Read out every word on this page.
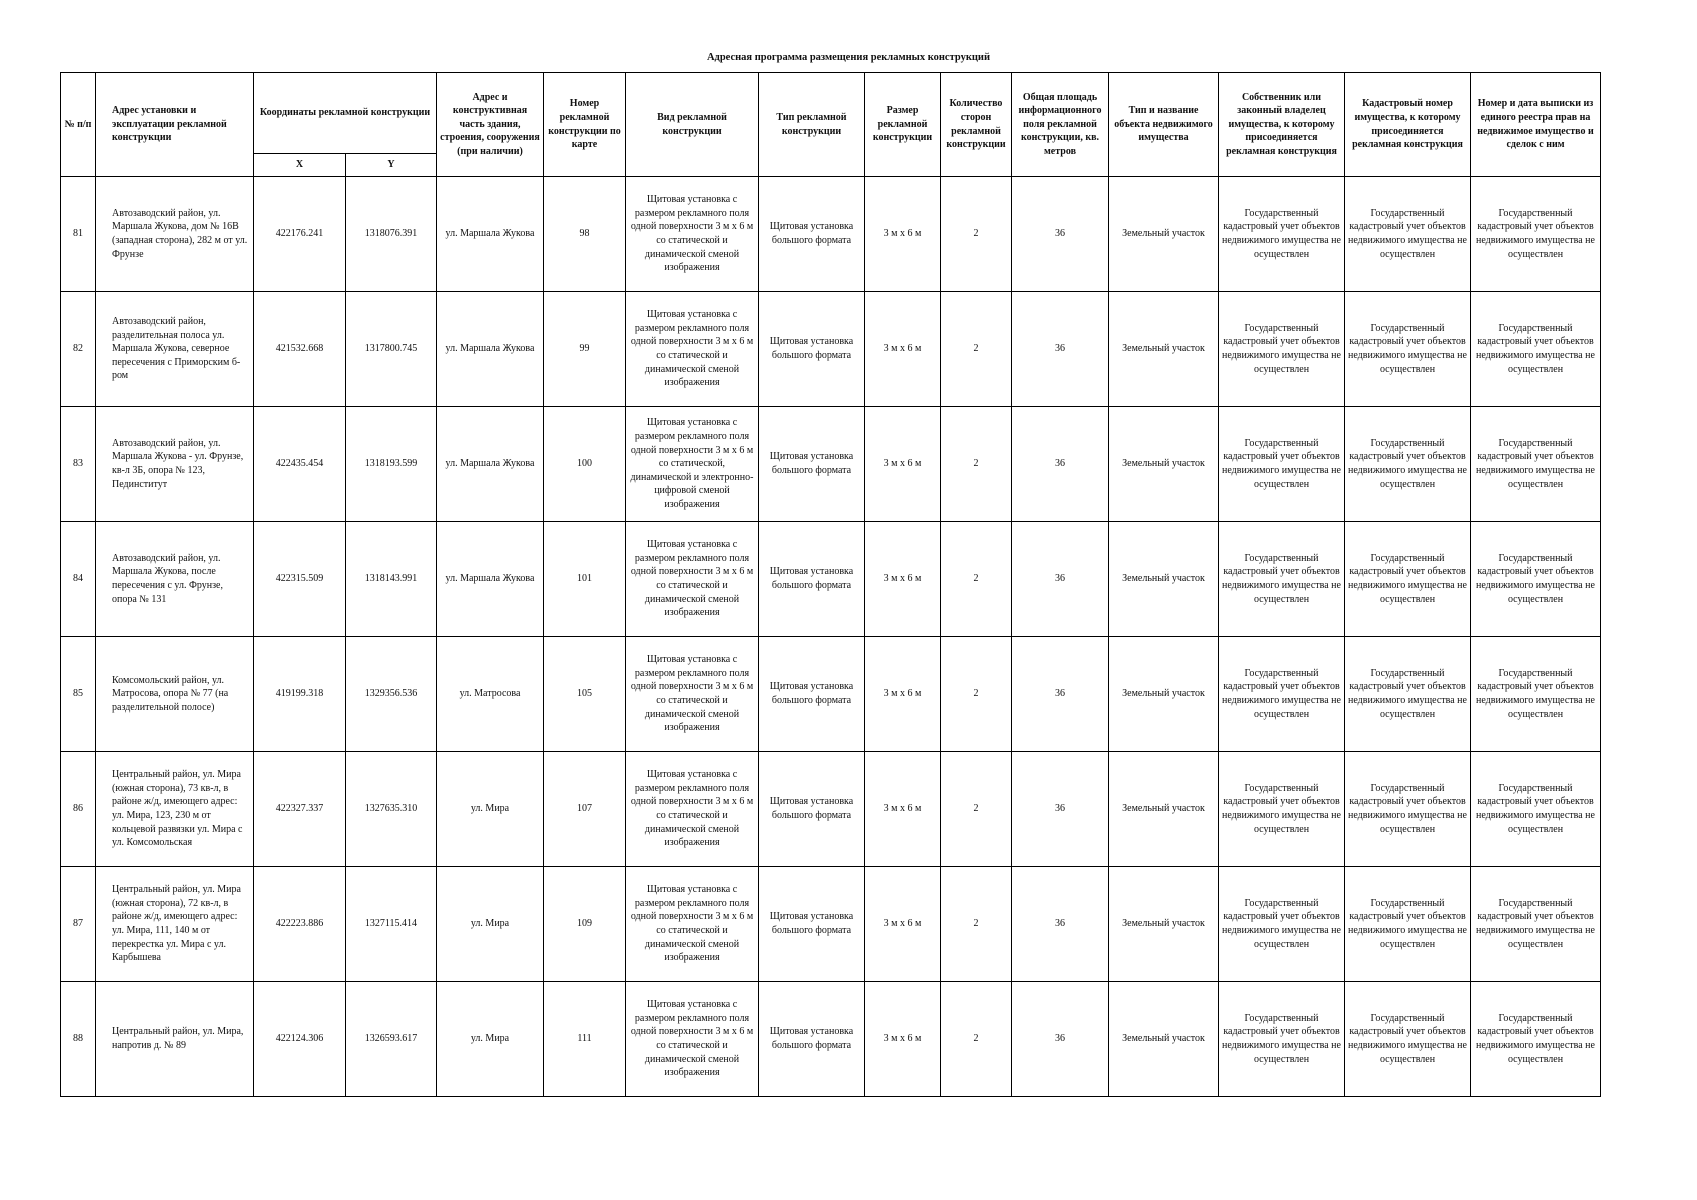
Адресная программа размещения рекламных конструкций
№ п/п	Адрес установки и эксплуатации рекламной конструкции	Координаты рекламной конструкции		Адрес и конструктивная часть здания, строения, сооружения (при наличии)	Номер рекламной конструкции по карте	Вид рекламной конструкции	Тип рекламной конструкции	Размер рекламной конструкции	Количество сторон рекламной конструкции	Общая площадь информационного поля рекламной конструкции, кв. метров	Тип и название объекта недвижимого имущества	Собственник или законный владелец имущества, к которому присоединяется рекламная конструкция	Кадастровый номер имущества, к которому присоединяется рекламная конструкция	Номер и дата выписки из единого реестра прав на недвижимое имущество и сделок с ним
		X	Y											
81	Автозаводский район, ул. Маршала Жукова, дом № 16В (западная сторона), 282 м от ул. Фрунзе	422176.241	1318076.391	ул. Маршала Жукова	98	Щитовая установка с размером рекламного поля одной поверхности 3 м х 6 м со статической и динамической сменой изображения	Щитовая установка большого формата	3 м х 6 м	2	36	Земельный участок	Государственный кадастровый учет объектов недвижимого имущества не осуществлен	Государственный кадастровый учет объектов недвижимого имущества не осуществлен	Государственный кадастровый учет объектов недвижимого имущества не осуществлен
82	Автозаводский район, разделительная полоса ул. Маршала Жукова, северное пересечения с Приморским б-ром	421532.668	1317800.745	ул. Маршала Жукова	99	Щитовая установка с размером рекламного поля одной поверхности 3 м х 6 м со статической и динамической сменой изображения	Щитовая установка большого формата	3 м х 6 м	2	36	Земельный участок	Государственный кадастровый учет объектов недвижимого имущества не осуществлен	Государственный кадастровый учет объектов недвижимого имущества не осуществлен	Государственный кадастровый учет объектов недвижимого имущества не осуществлен
83	Автозаводский район, ул. Маршала Жукова - ул. Фрунзе, кв-л 3Б, опора № 123, Пединститут	422435.454	1318193.599	ул. Маршала Жукова	100	Щитовая установка с размером рекламного поля одной поверхности 3 м х 6 м со статической, динамической и электронно-цифровой сменой изображения	Щитовая установка большого формата	3 м х 6 м	2	36	Земельный участок	Государственный кадастровый учет объектов недвижимого имущества не осуществлен	Государственный кадастровый учет объектов недвижимого имущества не осуществлен	Государственный кадастровый учет объектов недвижимого имущества не осуществлен
84	Автозаводский район, ул. Маршала Жукова, после пересечения с ул. Фрунзе, опора № 131	422315.509	1318143.991	ул. Маршала Жукова	101	Щитовая установка с размером рекламного поля одной поверхности 3 м х 6 м со статической и динамической сменой изображения	Щитовая установка большого формата	3 м х 6 м	2	36	Земельный участок	Государственный кадастровый учет объектов недвижимого имущества не осуществлен	Государственный кадастровый учет объектов недвижимого имущества не осуществлен	Государственный кадастровый учет объектов недвижимого имущества не осуществлен
85	Комсомольский район, ул. Матросова, опора № 77 (на разделительной полосе)	419199.318	1329356.536	ул. Матросова	105	Щитовая установка с размером рекламного поля одной поверхности 3 м х 6 м со статической и динамической сменой изображения	Щитовая установка большого формата	3 м х 6 м	2	36	Земельный участок	Государственный кадастровый учет объектов недвижимого имущества не осуществлен	Государственный кадастровый учет объектов недвижимого имущества не осуществлен	Государственный кадастровый учет объектов недвижимого имущества не осуществлен
86	Центральный район, ул. Мира (южная сторона), 73 кв-л, в районе ж/д, имеющего адрес: ул. Мира, 123, 230 м от кольцевой развязки ул. Мира с ул. Комсомольская	422327.337	1327635.310	ул. Мира	107	Щитовая установка с размером рекламного поля одной поверхности 3 м х 6 м со статической и динамической сменой изображения	Щитовая установка большого формата	3 м х 6 м	2	36	Земельный участок	Государственный кадастровый учет объектов недвижимого имущества не осуществлен	Государственный кадастровый учет объектов недвижимого имущества не осуществлен	Государственный кадастровый учет объектов недвижимого имущества не осуществлен
87	Центральный район, ул. Мира (южная сторона), 72 кв-л, в районе ж/д, имеющего адрес: ул. Мира, 111, 140 м от перекрестка ул. Мира с ул. Карбышева	422223.886	1327115.414	ул. Мира	109	Щитовая установка с размером рекламного поля одной поверхности 3 м х 6 м со статической и динамической сменой изображения	Щитовая установка большого формата	3 м х 6 м	2	36	Земельный участок	Государственный кадастровый учет объектов недвижимого имущества не осуществлен	Государственный кадастровый учет объектов недвижимого имущества не осуществлен	Государственный кадастровый учет объектов недвижимого имущества не осуществлен
88	Центральный район, ул. Мира, напротив д. № 89	422124.306	1326593.617	ул. Мира	111	Щитовая установка с размером рекламного поля одной поверхности 3 м х 6 м со статической и динамической сменой изображения	Щитовая установка большого формата	3 м х 6 м	2	36	Земельный участок	Государственный кадастровый учет объектов недвижимого имущества не осуществлен	Государственный кадастровый учет объектов недвижимого имущества не осуществлен	Государственный кадастровый учет объектов недвижимого имущества не осуществлен
